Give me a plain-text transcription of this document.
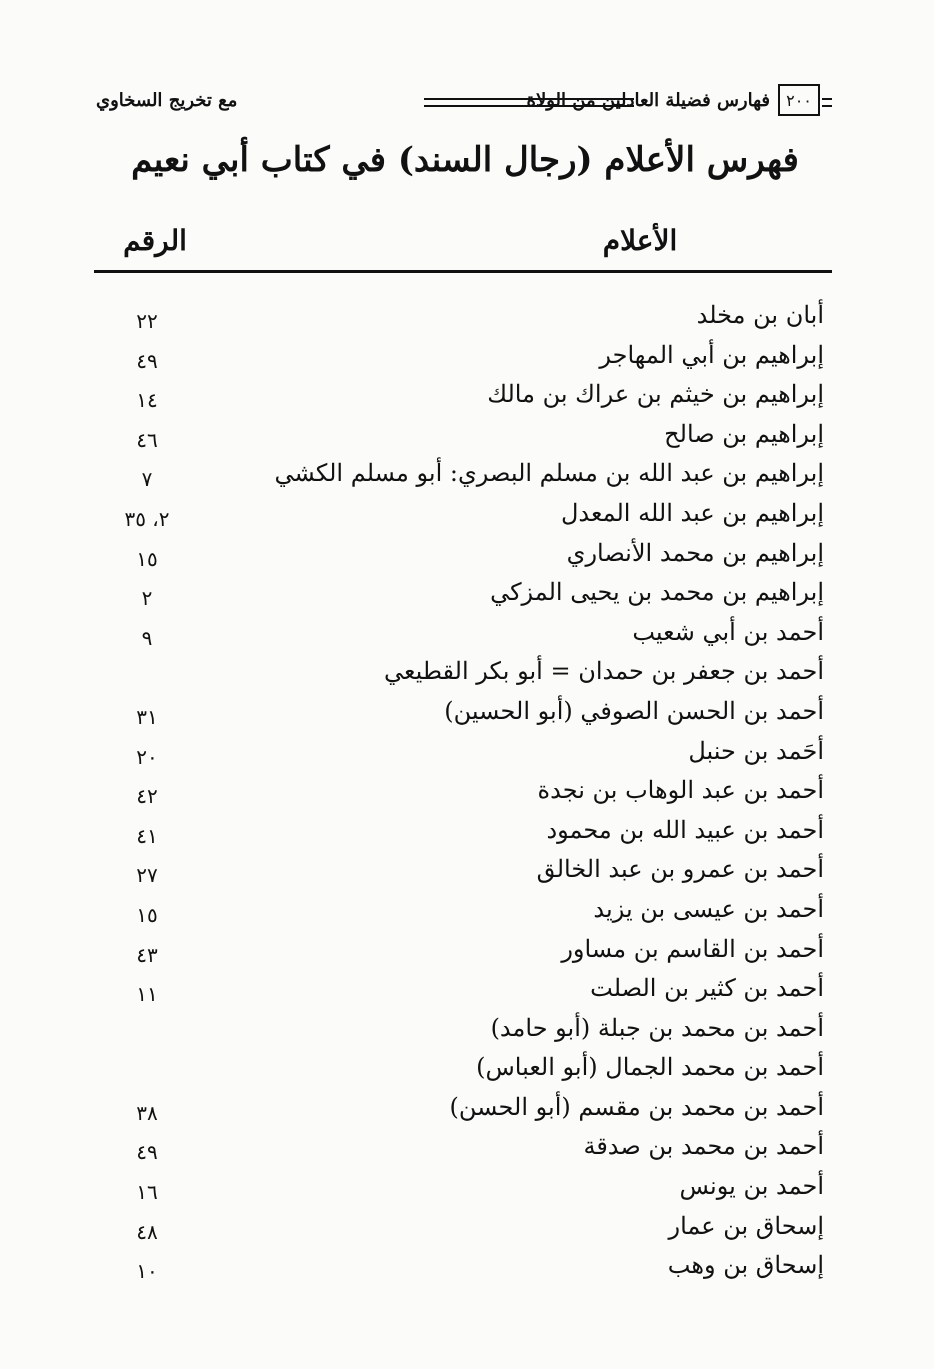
٢٠٠
فهارس فضيلة العادلين من الولاة
مع تخريج السخاوي
فهرس الأعلام (رجال السند) في كتاب أبي نعيم
الأعلام
الرقم
أبان بن مخلد
٢٢
إبراهيم بن أبي المهاجر
٤٩
إبراهيم بن خيثم بن عراك بن مالك
١٤
إبراهيم بن صالح
٤٦
إبراهيم بن عبد الله بن مسلم البصري: أبو مسلم الكشي
٧
إبراهيم بن عبد الله المعدل
٢، ٣٥
إبراهيم بن محمد الأنصاري
١٥
إبراهيم بن محمد بن يحيى المزكي
٢
أحمد بن أبي شعيب
٩
أحمد بن جعفر بن حمدان = أبو بكر القطيعي
أحمد بن الحسن الصوفي (أبو الحسين)
٣١
أحَمد بن حنبل
٢٠
أحمد بن عبد الوهاب بن نجدة
٤٢
أحمد بن عبيد الله بن محمود
٤١
أحمد بن عمرو بن عبد الخالق
٢٧
أحمد بن عيسى بن يزيد
١٥
أحمد بن القاسم بن مساور
٤٣
أحمد بن كثير بن الصلت
١١
أحمد بن محمد بن جبلة (أبو حامد)
أحمد بن محمد الجمال (أبو العباس)
أحمد بن محمد بن مقسم (أبو الحسن)
٣٨
أحمد بن محمد بن صدقة
٤٩
أحمد بن يونس
١٦
إسحاق بن عمار
٤٨
إسحاق بن وهب
١٠
